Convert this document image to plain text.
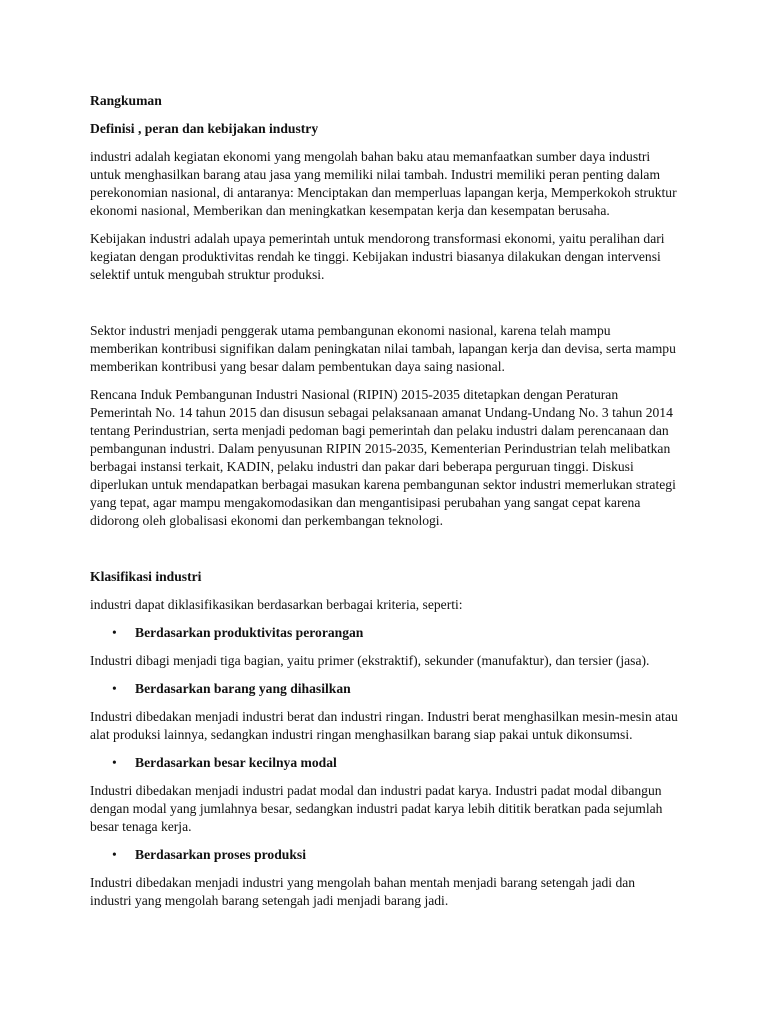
Rangkuman

Definisi , peran dan kebijakan industry

industri adalah kegiatan ekonomi yang mengolah bahan baku atau memanfaatkan sumber daya industri untuk menghasilkan barang atau jasa yang memiliki nilai tambah. Industri memiliki peran penting dalam perekonomian nasional, di antaranya: Menciptakan dan memperluas lapangan kerja, Memperkokoh struktur ekonomi nasional, Memberikan dan meningkatkan kesempatan kerja dan kesempatan berusaha.

Kebijakan industri adalah upaya pemerintah untuk mendorong transformasi ekonomi, yaitu peralihan dari kegiatan dengan produktivitas rendah ke tinggi. Kebijakan industri biasanya dilakukan dengan intervensi selektif untuk mengubah struktur produksi.

Sektor industri menjadi penggerak utama pembangunan ekonomi nasional, karena telah mampu memberikan kontribusi signifikan dalam peningkatan nilai tambah, lapangan kerja dan devisa, serta mampu memberikan kontribusi yang besar dalam pembentukan daya saing nasional.

Rencana Induk Pembangunan Industri Nasional (RIPIN) 2015-2035 ditetapkan dengan Peraturan Pemerintah No. 14 tahun 2015 dan disusun sebagai pelaksanaan amanat Undang-Undang No. 3 tahun 2014 tentang Perindustrian, serta menjadi pedoman bagi pemerintah dan pelaku industri dalam perencanaan dan pembangunan industri. Dalam penyusunan RIPIN 2015-2035, Kementerian Perindustrian telah melibatkan berbagai instansi terkait, KADIN, pelaku industri dan pakar dari beberapa perguruan tinggi. Diskusi diperlukan untuk mendapatkan berbagai masukan karena pembangunan sektor industri memerlukan strategi yang tepat, agar mampu mengakomodasikan dan mengantisipasi perubahan yang sangat cepat karena didorong oleh globalisasi ekonomi dan perkembangan teknologi.

Klasifikasi industri

industri dapat diklasifikasikan berdasarkan berbagai kriteria, seperti:

• Berdasarkan produktivitas perorangan

Industri dibagi menjadi tiga bagian, yaitu primer (ekstraktif), sekunder (manufaktur), dan tersier (jasa).

• Berdasarkan barang yang dihasilkan

Industri dibedakan menjadi industri berat dan industri ringan. Industri berat menghasilkan mesin-mesin atau alat produksi lainnya, sedangkan industri ringan menghasilkan barang siap pakai untuk dikonsumsi.

• Berdasarkan besar kecilnya modal

Industri dibedakan menjadi industri padat modal dan industri padat karya. Industri padat modal dibangun dengan modal yang jumlahnya besar, sedangkan industri padat karya lebih dititik beratkan pada sejumlah besar tenaga kerja.

• Berdasarkan proses produksi

Industri dibedakan menjadi industri yang mengolah bahan mentah menjadi barang setengah jadi dan industri yang mengolah barang setengah jadi menjadi barang jadi.
